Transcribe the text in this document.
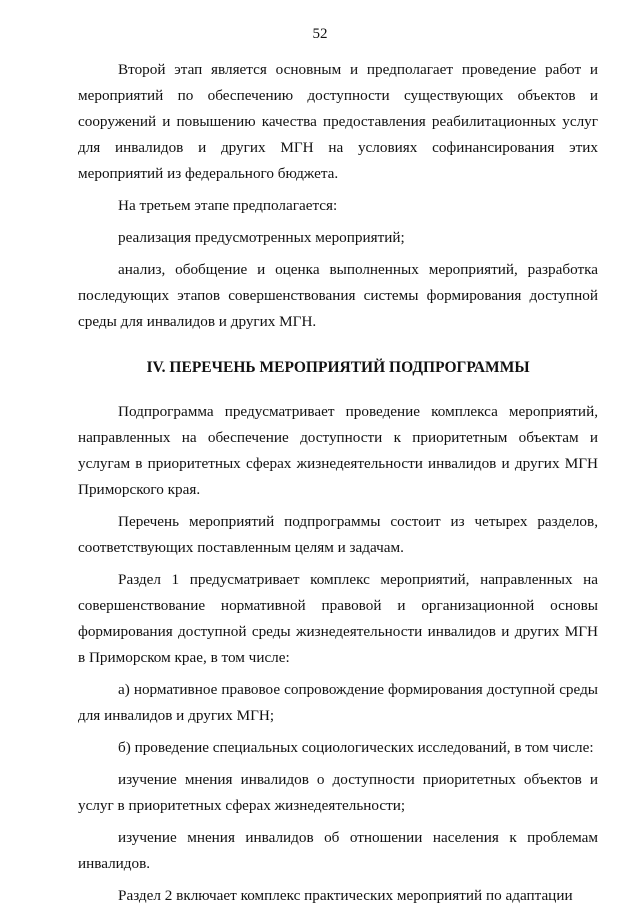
52

Второй этап является основным и предполагает проведение работ и мероприятий по обеспечению доступности существующих объектов и сооружений и повышению качества предоставления реабилитационных услуг для инвалидов и других МГН на условиях софинансирования этих мероприятий из федерального бюджета.

На третьем этапе предполагается:

реализация предусмотренных мероприятий;

анализ, обобщение и оценка выполненных мероприятий, разработка последующих этапов совершенствования системы формирования доступной среды для инвалидов и других МГН.

IV. ПЕРЕЧЕНЬ МЕРОПРИЯТИЙ ПОДПРОГРАММЫ

Подпрограмма предусматривает проведение комплекса мероприятий, направленных на обеспечение доступности к приоритетным объектам и услугам в приоритетных сферах жизнедеятельности инвалидов и других МГН Приморского края.

Перечень мероприятий подпрограммы состоит из четырех разделов, соответствующих поставленным целям и задачам.

Раздел 1 предусматривает комплекс мероприятий, направленных на совершенствование нормативной правовой и организационной основы формирования доступной среды жизнедеятельности инвалидов и других МГН в Приморском крае, в том числе:

а) нормативное правовое сопровождение формирования доступной среды для инвалидов и других МГН;

б) проведение специальных социологических исследований, в том числе:

изучение мнения инвалидов о доступности приоритетных объектов и услуг в приоритетных сферах жизнедеятельности;

изучение мнения инвалидов об отношении населения к проблемам инвалидов.

Раздел 2 включает комплекс практических мероприятий по адаптации
